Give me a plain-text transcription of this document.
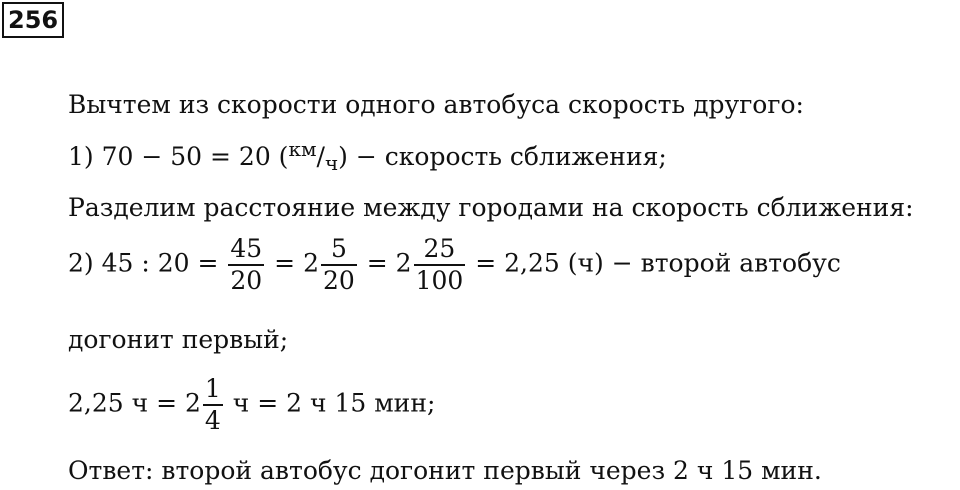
256
Вычтем из скорости одного автобуса скорость другого:
1) 70 − 50 = 20 $(^{км}/_ч)$ − скорость сближения;
Разделим расстояние между городами на скорость сближения:
2) 45 : $20 = \frac{45}{20} = 2 \frac{5}{20} = 2 \frac{25}{100} = 2,25$ (ч) − второй автобус
догонит первый;
2,25 $ч = 2 \frac{1}{4}$ ч = 2 ч 15 мин;
Ответ: второй автобус догонит первый через 2 ч 15 мин.
